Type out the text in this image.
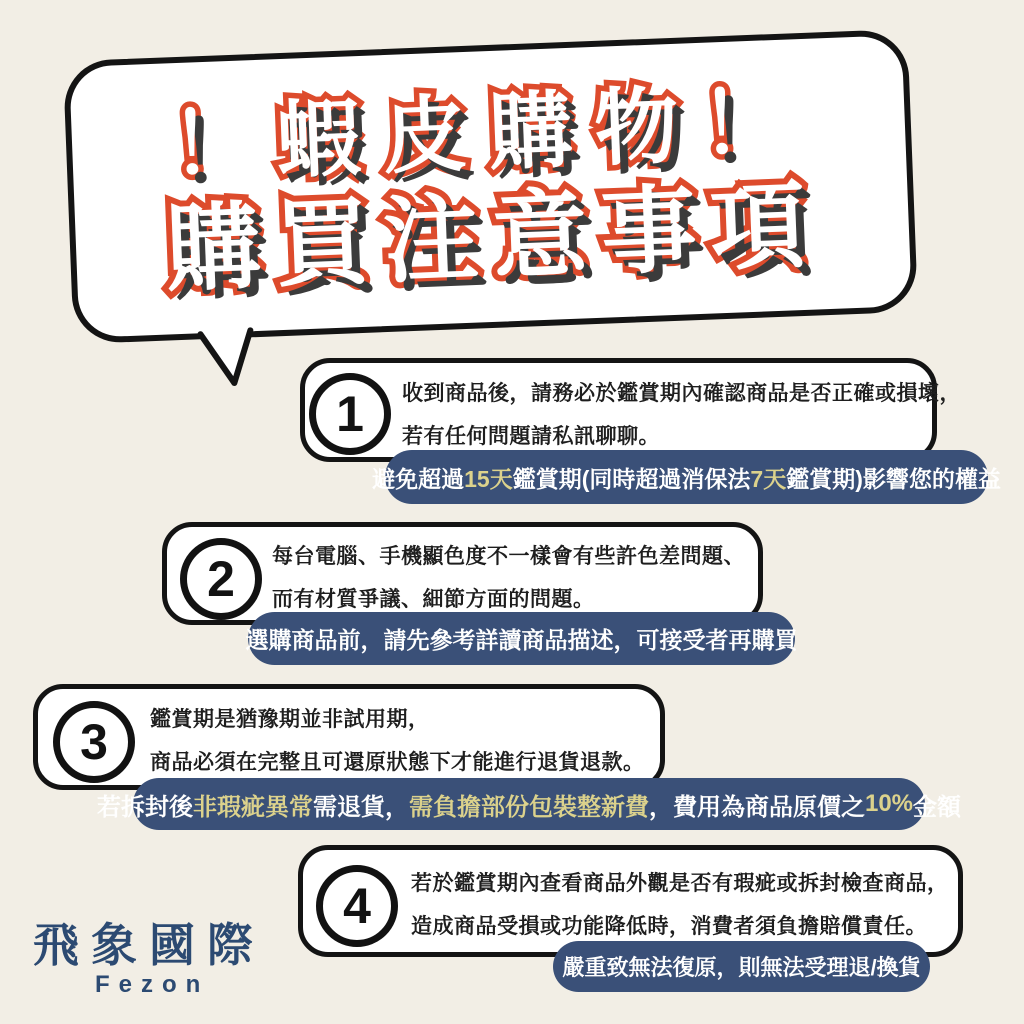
！蝦皮購物！
購買注意事項
1 收到商品後，請務必於鑑賞期內確認商品是否正確或損壞，
若有任何問題請私訊聊聊。
避免超過 15天 鑑賞期(同時超過消保法 7天 鑑賞期)影響您的權益
2 每台電腦、手機顯色度不一樣會有些許色差問題、
而有材質爭議、細節方面的問題。
選購商品前，請先參考詳讀商品描述，可接受者再購買
3 鑑賞期是猶豫期並非試用期，
商品必須在完整且可還原狀態下才能進行退貨退款。
若拆封後 非瑕疵異常 需退貨， 需負擔部份包裝整新費 ，費用為商品原價之 10% 金額
4 若於鑑賞期內查看商品外觀是否有瑕疵或拆封檢查商品，
造成商品受損或功能降低時，消費者須負擔賠償責任。
嚴重致無法復原，則無法受理退/換貨
飛象國際
Fezon
